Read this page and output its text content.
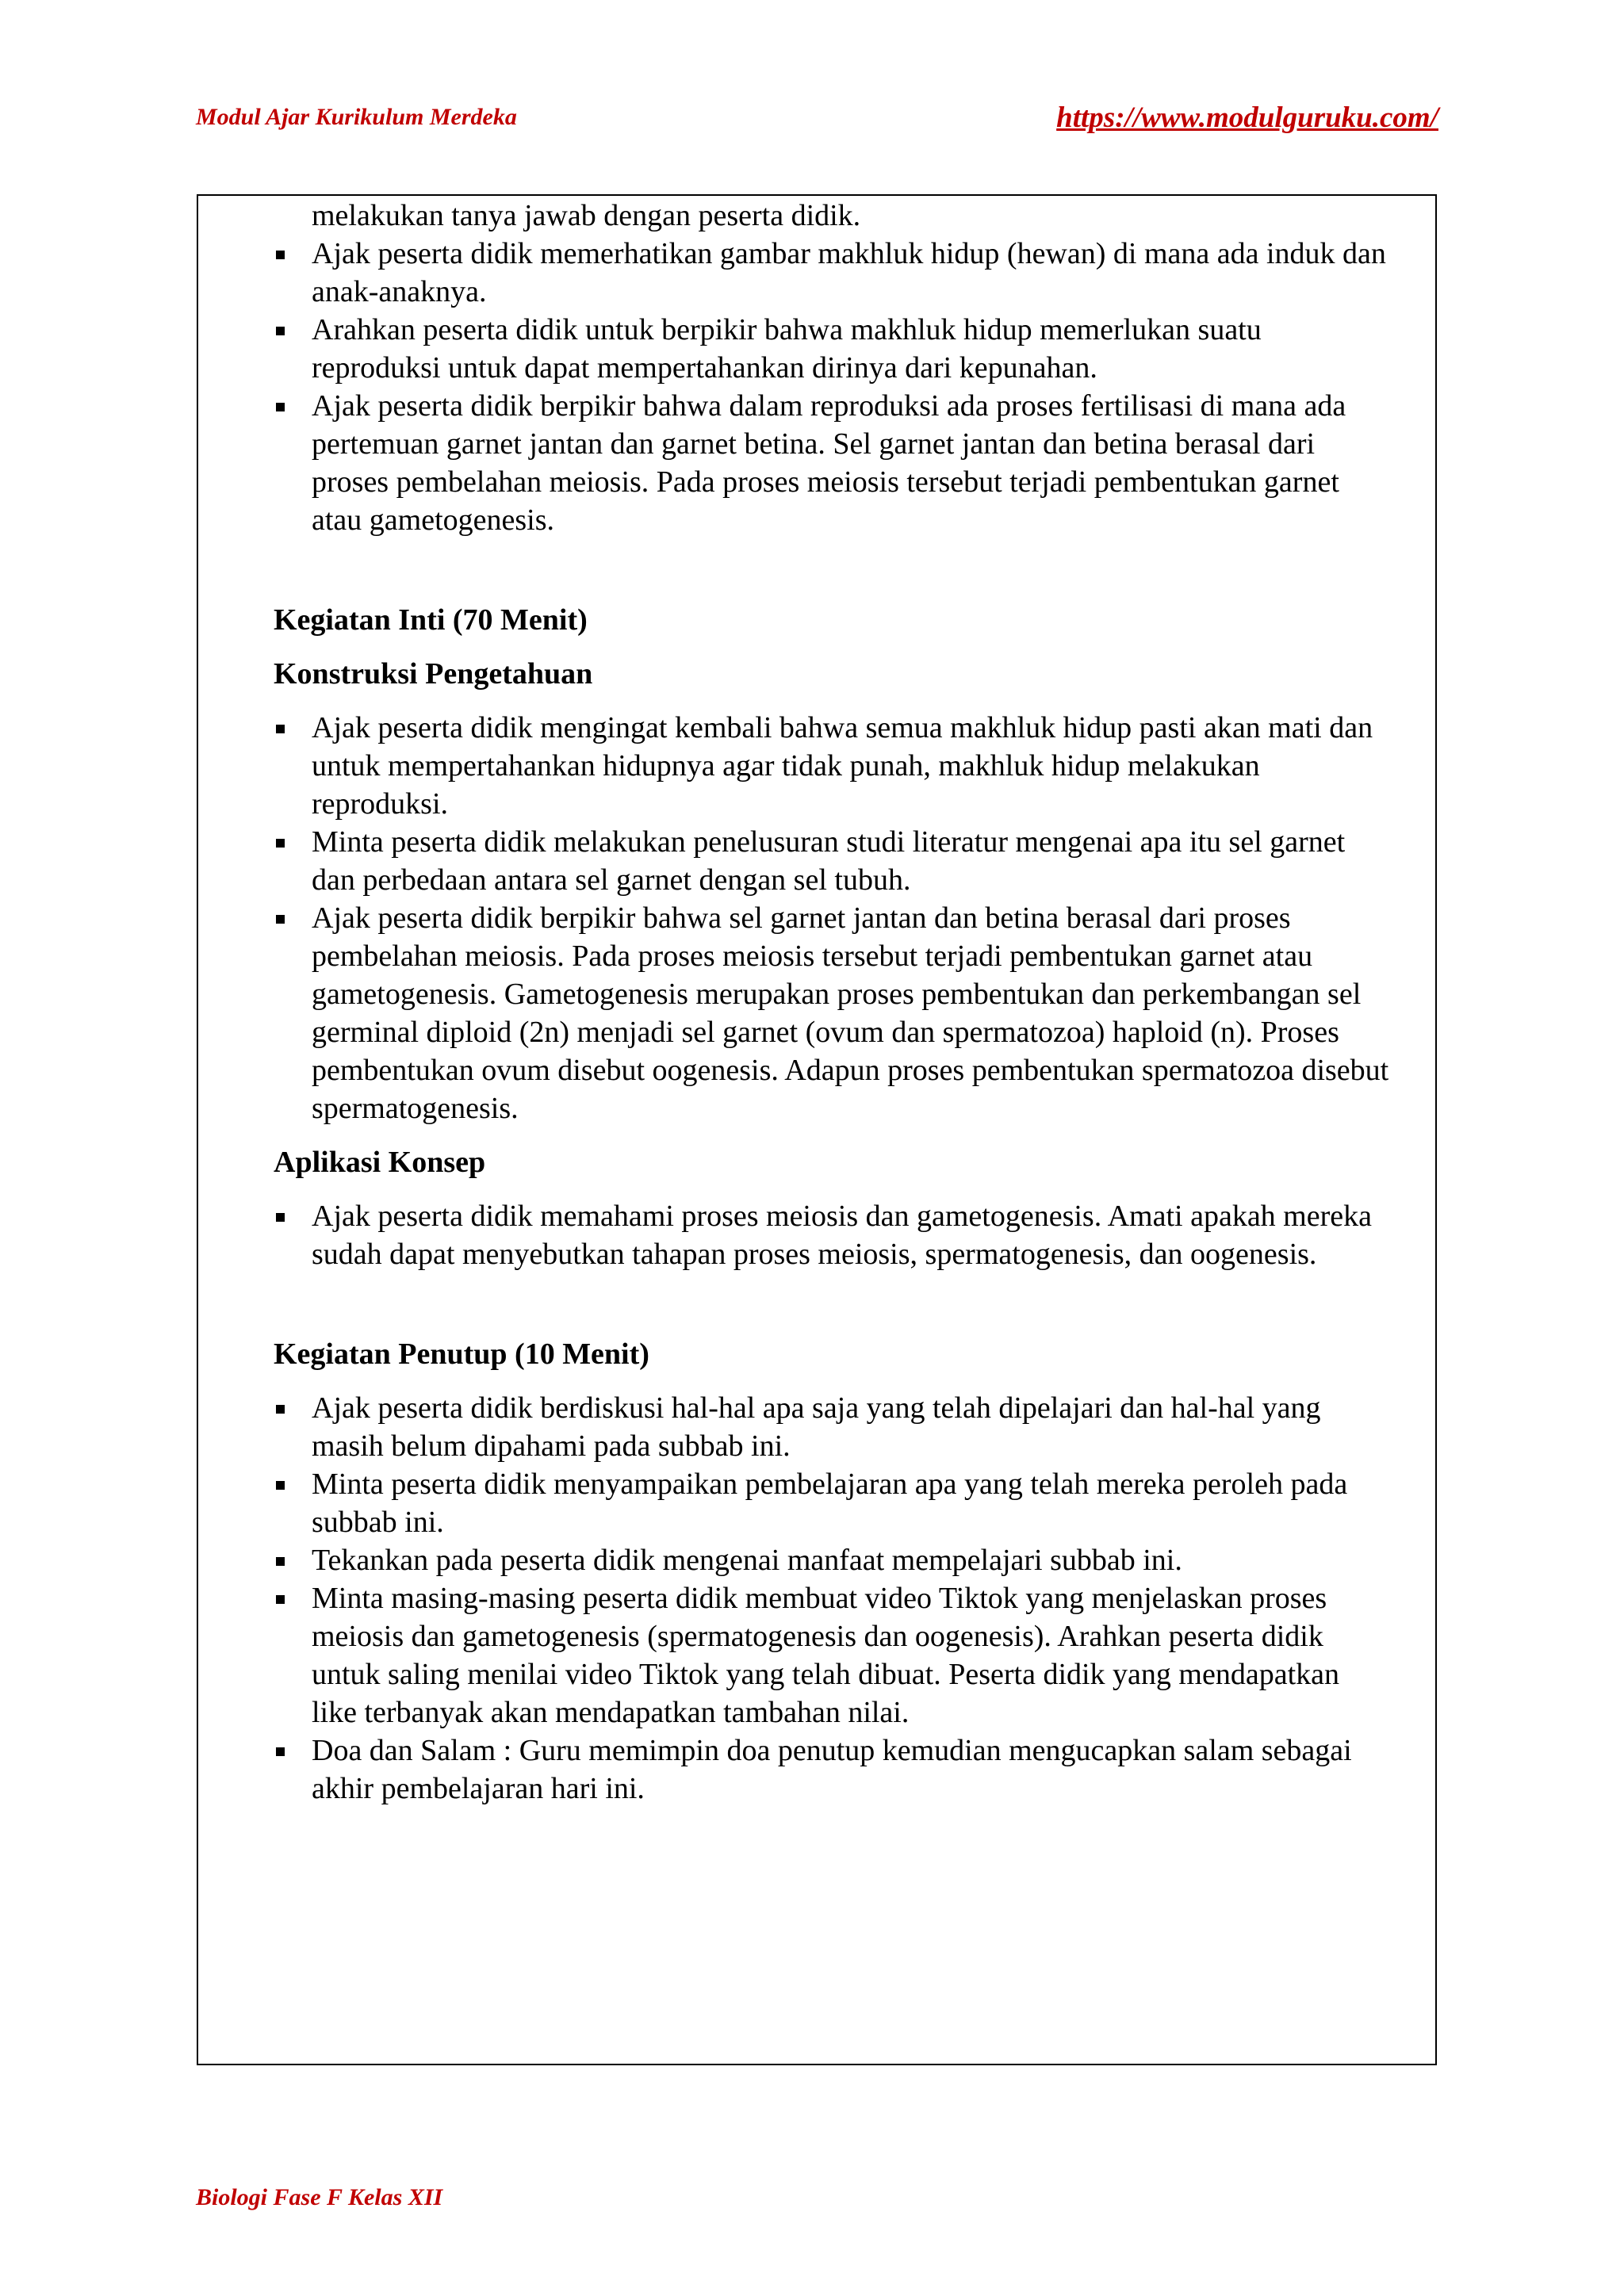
Modul Ajar Kurikulum Merdeka	https://www.modulguruku.com/
melakukan tanya jawab dengan peserta didik.
Ajak peserta didik memerhatikan gambar makhluk hidup (hewan) di mana ada induk dan anak-anaknya.
Arahkan peserta didik untuk berpikir bahwa makhluk hidup memerlukan suatu reproduksi untuk dapat mempertahankan dirinya dari kepunahan.
Ajak peserta didik berpikir bahwa dalam reproduksi ada proses fertilisasi di mana ada pertemuan garnet jantan dan garnet betina. Sel garnet jantan dan betina berasal dari proses pembelahan meiosis. Pada proses meiosis tersebut terjadi pembentukan garnet atau gametogenesis.
Kegiatan Inti (70 Menit)
Konstruksi Pengetahuan
Ajak peserta didik mengingat kembali bahwa semua makhluk hidup pasti akan mati dan untuk mempertahankan hidupnya agar tidak punah, makhluk hidup melakukan reproduksi.
Minta peserta didik melakukan penelusuran studi literatur mengenai apa itu sel garnet dan perbedaan antara sel garnet dengan sel tubuh.
Ajak peserta didik berpikir bahwa sel garnet jantan dan betina berasal dari proses pembelahan meiosis. Pada proses meiosis tersebut terjadi pembentukan garnet atau gametogenesis. Gametogenesis merupakan proses pembentukan dan perkembangan sel germinal diploid (2n) menjadi sel garnet (ovum dan spermatozoa) haploid (n). Proses pembentukan ovum disebut oogenesis. Adapun proses pembentukan spermatozoa disebut spermatogenesis.
Aplikasi Konsep
Ajak peserta didik memahami proses meiosis dan gametogenesis. Amati apakah mereka sudah dapat menyebutkan tahapan proses meiosis, spermatogenesis, dan oogenesis.
Kegiatan Penutup (10 Menit)
Ajak peserta didik berdiskusi hal-hal apa saja yang telah dipelajari dan hal-hal yang masih belum dipahami pada subbab ini.
Minta peserta didik menyampaikan pembelajaran apa yang telah mereka peroleh pada subbab ini.
Tekankan pada peserta didik mengenai manfaat mempelajari subbab ini.
Minta masing-masing peserta didik membuat video Tiktok yang menjelaskan proses meiosis dan gametogenesis (spermatogenesis dan oogenesis). Arahkan peserta didik untuk saling menilai video Tiktok yang telah dibuat. Peserta didik yang mendapatkan like terbanyak akan mendapatkan tambahan nilai.
Doa dan Salam : Guru memimpin doa penutup kemudian mengucapkan salam sebagai akhir pembelajaran hari ini.
Biologi Fase F Kelas XII
